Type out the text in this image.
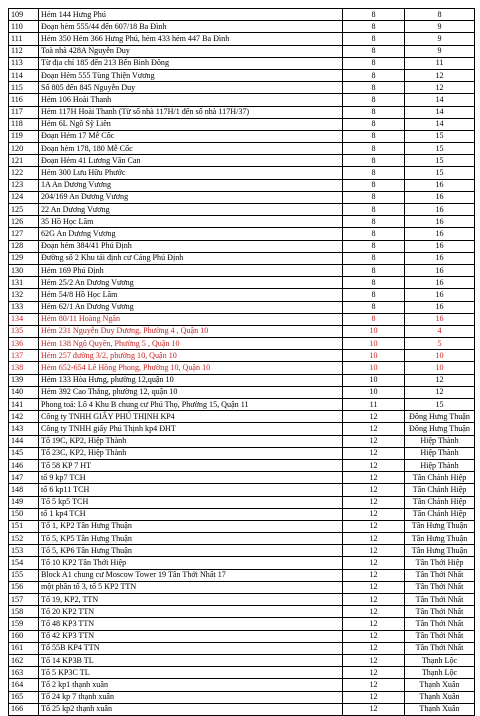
109	Hẻm 144 Hưng Phú	8	8
110	Đoạn hẻm 555/44 đến 607/18 Ba Đình	8	9
111	Hẻm 350 Hẻm 366 Hưng Phú, hẻm 433 hẻm 447 Ba Đình	8	9
112	Toà nhà 428A Nguyễn Duy	8	9
113	Từ địa chỉ 185 đến 213 Bến Bình Đông	8	11
114	Đoạn Hẻm 555 Tùng Thiện Vương	8	12
115	Số 805 đến 845 Nguyễn Duy	8	12
116	Hẻm 106 Hoài Thanh	8	14
117	Hẻm 117H Hoài Thanh (Từ số nhà 117H/1 đến số nhà 117H/37)	8	14
118	Hẻm 6L Ngô Sỹ Liên	8	14
119	Đoạn Hẻm 17 Mễ Cốc	8	15
120	Đoạn hẻm 178, 180 Mễ Cốc	8	15
121	Đoạn Hẻm 41 Lương Văn Can	8	15
122	Hẻm 300 Lưu Hữu Phước	8	15
123	1A An Dương Vương	8	16
124	204/169 An Dương Vương	8	16
125	22 An Dương Vương	8	16
126	35 Hồ Học Lãm	8	16
127	62G An Dương Vương	8	16
128	Đoạn hẻm 384/41 Phú Định	8	16
129	Đường số 2 Khu tái định cư Cảng Phú Định	8	16
130	Hẻm 169 Phú Định	8	16
131	Hẻm 25/2 An Dương Vương	8	16
132	Hẻm 54/8 Hồ Học Lãm	8	16
133	Hẻm 62/1 An Dương Vương	8	16
134	Hẻm 80/11 Hoàng Ngân	8	16
135	Hẻm 231 Nguyễn Duy Dương, Phường 4 , Quận 10	10	4
136	Hẻm 138 Ngô Quyền, Phường 5 , Quận 10	10	5
137	Hẻm 257 đường 3/2, phường 10, Quận 10	10	10
138	Hẻm 652-654 Lê Hồng Phong, Phường 10, Quận 10	10	10
139	Hẻm 133 Hòa Hưng, phường 12,quận 10	10	12
140	Hẻm 392 Cao Thắng, phường 12, quận 10	10	12
141	Phong toả: Lô 4 Khu B chung cư Phú Thọ, Phường 15, Quận 11	11	15
142	Công ty TNHH GIẤY PHÚ THỊNH KP4	12	Đông Hưng Thuận
143	Công ty TNHH giấy Phú Thịnh kp4 ĐHT	12	Đông Hưng Thuận
144	Tổ 19C, KP2, Hiệp Thành	12	Hiệp Thành
145	Tổ 23C, KP2, Hiệp Thành	12	Hiệp Thành
146	Tổ 58 KP 7 HT	12	Hiệp Thành
147	tổ 9 kp7 TCH	12	Tân Chánh Hiệp
148	tổ 6 kp11 TCH	12	Tân Chánh Hiệp
149	Tổ 5 kp5 TCH	12	Tân Chánh Hiệp
150	tổ 1 kp4 TCH	12	Tân Chánh Hiệp
151	Tổ 1, KP2 Tân Hưng Thuận	12	Tân Hưng Thuận
152	Tổ 5, KP5 Tân Hưng Thuận	12	Tân Hưng Thuận
153	Tổ 5, KP6 Tân Hưng Thuận	12	Tân Hưng Thuận
154	Tổ 10 KP2 Tân Thới Hiệp	12	Tân Thới Hiệp
155	Block A1 chung cư Moscow Tower 19 Tân Thới Nhất 17	12	Tân Thới Nhất
156	một phần tổ 3, tổ 5 KP2 TTN	12	Tân Thới Nhất
157	Tổ 19, KP2, TTN	12	Tân Thới Nhất
158	Tổ 20 KP2 TTN	12	Tân Thới Nhất
159	Tổ 48 KP3 TTN	12	Tân Thới Nhất
160	Tổ 42 KP3 TTN	12	Tân Thới Nhất
161	Tổ 55B KP4 TTN	12	Tân Thới Nhất
162	Tổ 14 KP3B TL	12	Thạnh Lộc
163	Tổ 5 KP3C TL	12	Thạnh Lộc
164	Tổ 2 kp1 thạnh xuân	12	Thạnh Xuân
165	Tổ 24 kp 7 thạnh xuân	12	Thạnh Xuân
166	Tổ 25 kp2 thạnh xuân	12	Thạnh Xuân
